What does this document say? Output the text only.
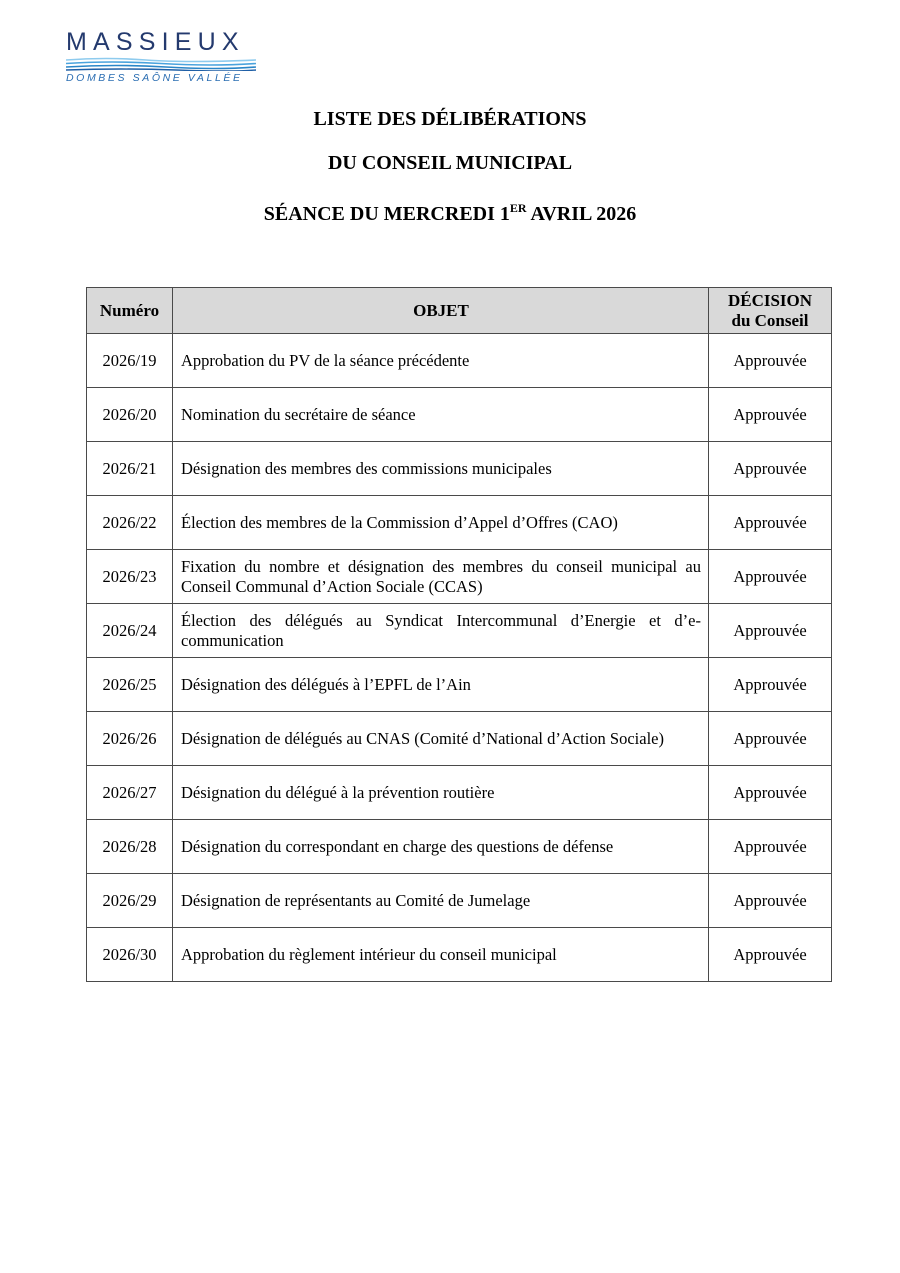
MASSIEUX
DOMBES SAÔNE VALLÉE
LISTE DES DÉLIBÉRATIONS
DU CONSEIL MUNICIPAL
SÉANCE DU MERCREDI 1ER AVRIL 2026
Numéro	OBJET	DÉCISION
du Conseil
2026/19	Approbation du PV de la séance précédente	Approuvée
2026/20	Nomination du secrétaire de séance	Approuvée
2026/21	Désignation des membres des commissions municipales	Approuvée
2026/22	Élection des membres de la Commission d’Appel d’Offres (CAO)	Approuvée
2026/23	Fixation du nombre et désignation des membres du conseil municipal au Conseil Communal d’Action Sociale (CCAS)	Approuvée
2026/24	Élection des délégués au Syndicat Intercommunal d’Energie et d’e-communication	Approuvée
2026/25	Désignation des délégués à l’EPFL de l’Ain	Approuvée
2026/26	Désignation de délégués au CNAS (Comité d’National d’Action Sociale)	Approuvée
2026/27	Désignation du délégué à la prévention routière	Approuvée
2026/28	Désignation du correspondant en charge des questions de défense	Approuvée
2026/29	Désignation de représentants au Comité de Jumelage	Approuvée
2026/30	Approbation du règlement intérieur du conseil municipal	Approuvée
